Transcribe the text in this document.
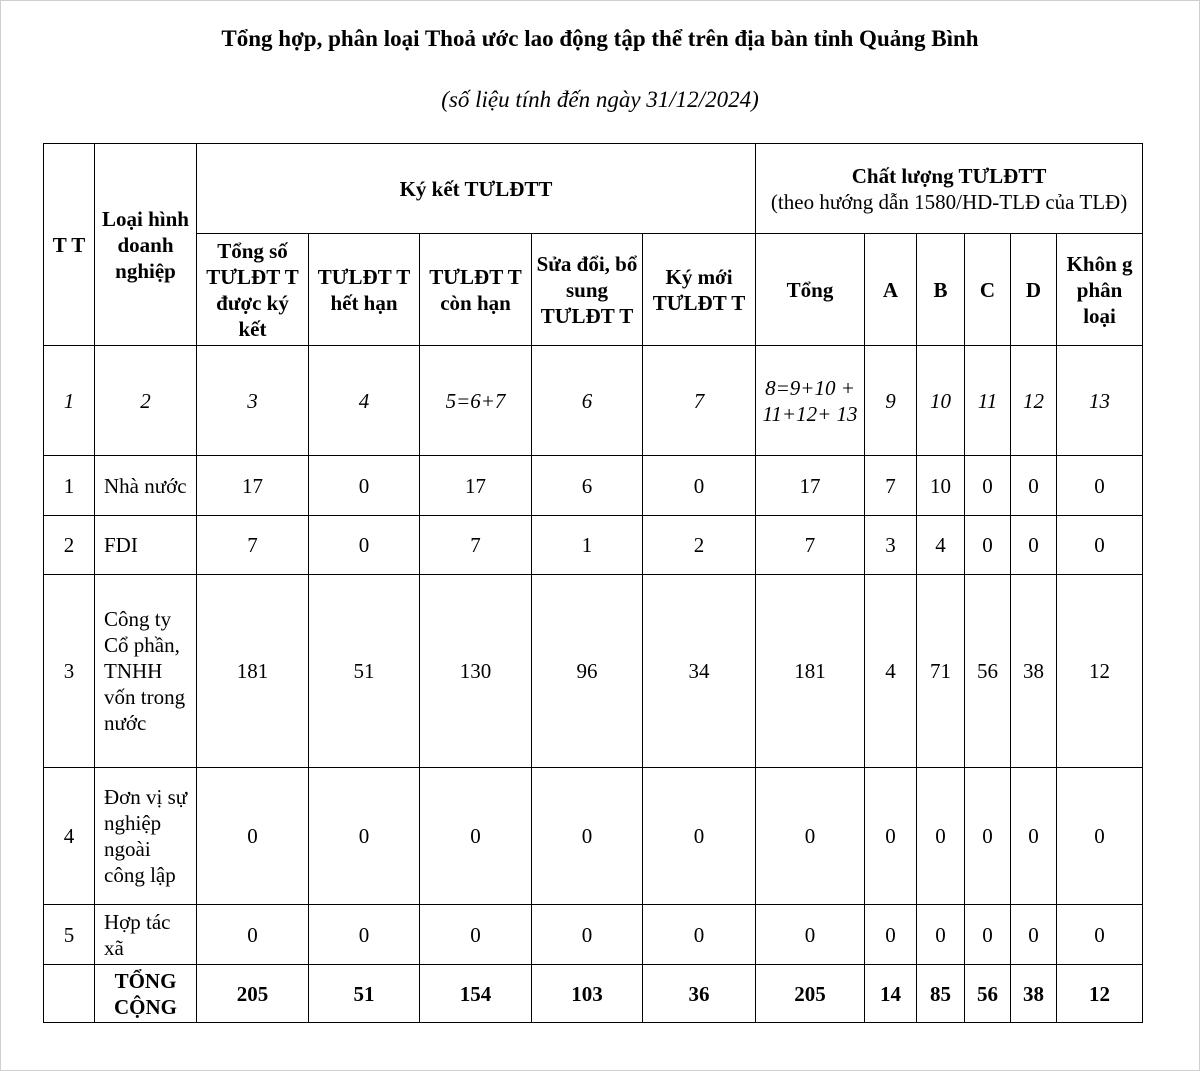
Tổng hợp, phân loại Thoả ước lao động tập thể trên địa bàn tỉnh Quảng Bình
(số liệu tính đến ngày 31/12/2024)
T T	Loại hình doanh nghiệp	Ký kết TƯLĐTT					Chất lượng TƯLĐTT
(theo hướng dẫn 1580/HD-TLĐ của TLĐ)					

		Tổng số TƯLĐT T được ký kết	TƯLĐT T hết hạn	TƯLĐT T còn hạn	Sửa đổi, bổ sung TƯLĐT T	Ký mới TƯLĐT T	Tổng	A	B	C	D	Khôn g phân loại
1	2	3	4	5=6+7	6	7	8=9+10 + 11+12+ 13	9	10	11	12	13
1	Nhà nước	17	0	17	6	0	17	7	10	0	0	0
2	FDI	7	0	7	1	2	7	3	4	0	0	0
3	Công ty Cổ phần, TNHH vốn trong nước	181	51	130	96	34	181	4	71	56	38	12
4	Đơn vị sự nghiệp ngoài công lập	0	0	0	0	0	0	0	0	0	0	0
5	Hợp tác xã	0	0	0	0	0	0	0	0	0	0	0
	TỔNG CỘNG	205	51	154	103	36	205	14	85	56	38	12
